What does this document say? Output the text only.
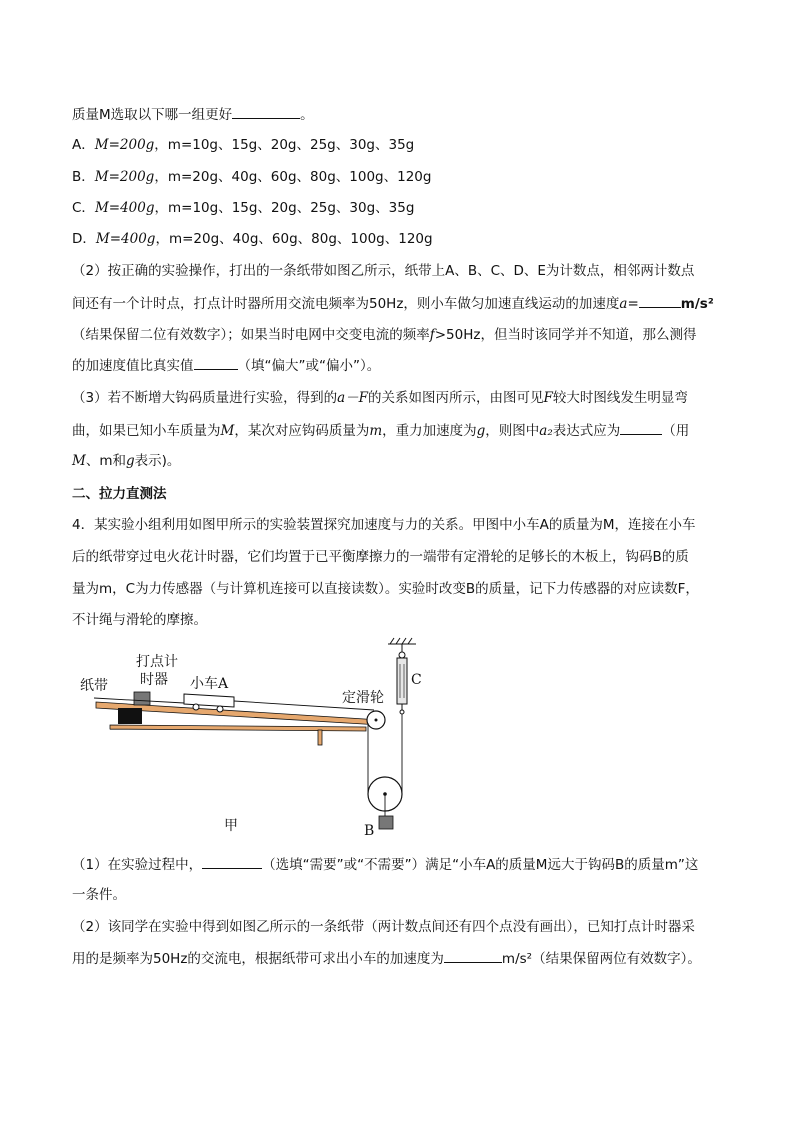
质量M选取以下哪一组更好	。
A．M=200g，m=10g、15g、20g、25g、30g、35g
B．M=200g，m=20g、40g、60g、80g、100g、120g
C．M=400g，m=10g、15g、20g、25g、30g、35g
D．M=400g，m=20g、40g、60g、80g、100g、120g
（2）按正确的实验操作，打出的一条纸带如图乙所示，纸带上A、B、C、D、E为计数点，相邻两计数点
间还有一个计时点，打点计时器所用交流电频率为50Hz，则小车做匀加速直线运动的加速度a=	m/s²
（结果保留二位有效数字）；如果当时电网中交变电流的频率f>50Hz，但当时该同学并不知道，那么测得
的加速度值比真实值	（填“偏大”或“偏小”）。
（3）若不断增大钩码质量进行实验，得到的a－F的关系如图丙所示，由图可见F较大时图线发生明显弯
曲，如果已知小车质量为M，某次对应钩码质量为m，重力加速度为g，则图中a₂表达式应为	（用
M、m和g表示)。
二、拉力直测法
4．某实验小组利用如图甲所示的实验装置探究加速度与力的关系。甲图中小车A的质量为M，连接在小车
后的纸带穿过电火花计时器，它们均置于已平衡摩擦力的一端带有定滑轮的足够长的木板上，钩码B的质
量为m，C为力传感器（与计算机连接可以直接读数）。实验时改变B的质量，记下力传感器的对应读数F，
不计绳与滑轮的摩擦。
C
B
纸带
打点计
时器 小车A
定滑轮
甲
（1）在实验过程中，	（选填“需要”或“不需要”）满足“小车A的质量M远大于钩码B的质量m”这
一条件。
（2）该同学在实验中得到如图乙所示的一条纸带（两计数点间还有四个点没有画出），已知打点计时器采
用的是频率为50Hz的交流电，根据纸带可求出小车的加速度为	m/s²（结果保留两位有效数字）。
